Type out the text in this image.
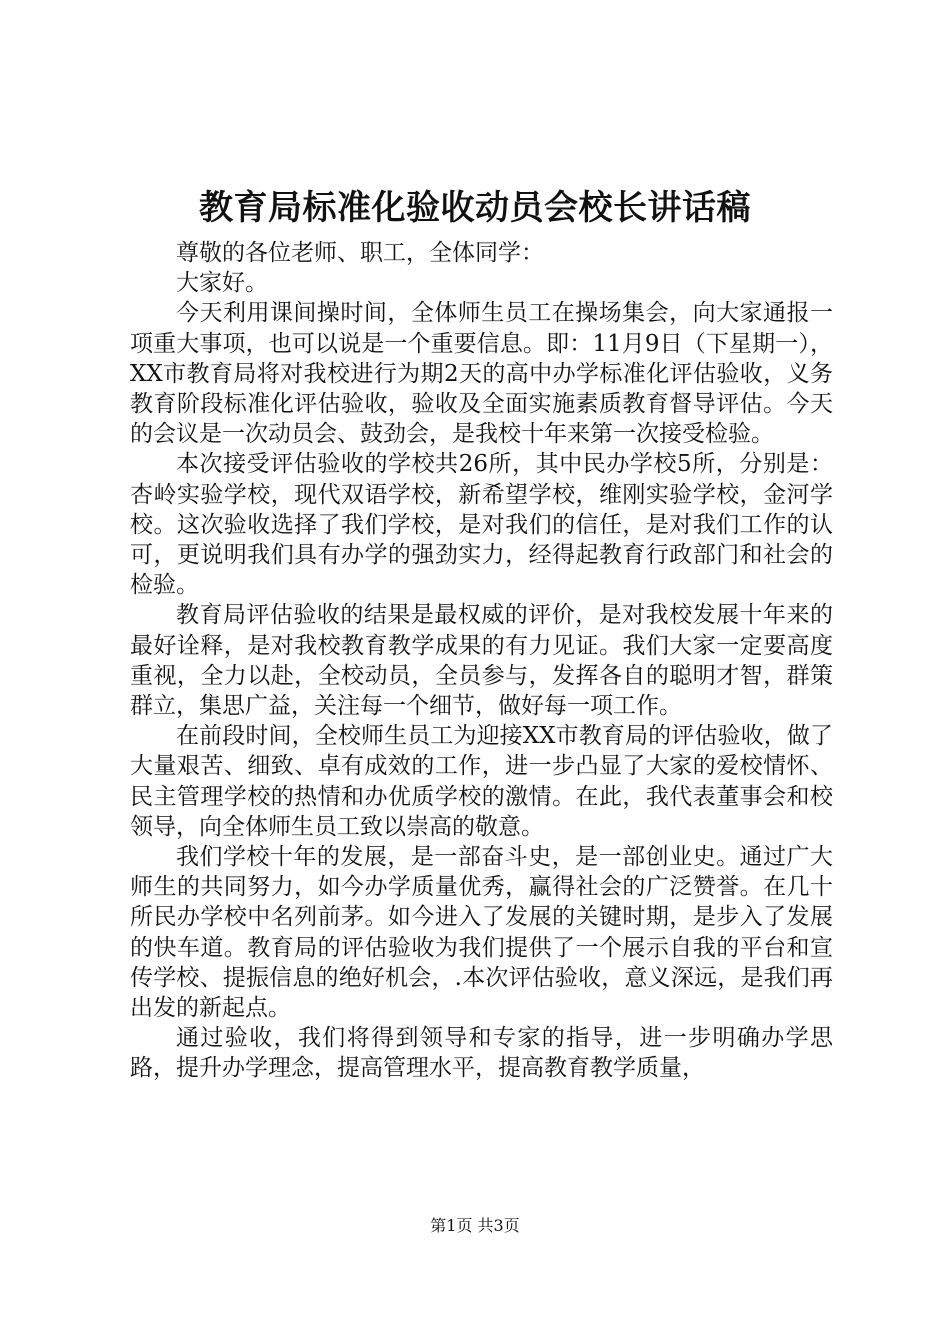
教育局标准化验收动员会校长讲话稿

尊敬的各位老师、职工，全体同学：

大家好。

今天利用课间操时间，全体师生员工在操场集会，向大家通报一项重大事项，也可以说是一个重要信息。即：11月9日（下星期一），XX市教育局将对我校进行为期2天的高中办学标准化评估验收，义务教育阶段标准化评估验收，验收及全面实施素质教育督导评估。今天的会议是一次动员会、鼓劲会，是我校十年来第一次接受检验。

本次接受评估验收的学校共26所，其中民办学校5所，分别是：杏岭实验学校，现代双语学校，新希望学校，维刚实验学校，金河学校。这次验收选择了我们学校，是对我们的信任，是对我们工作的认可，更说明我们具有办学的强劲实力，经得起教育行政部门和社会的检验。

教育局评估验收的结果是最权威的评价，是对我校发展十年来的最好诠释，是对我校教育教学成果的有力见证。我们大家一定要高度重视，全力以赴，全校动员，全员参与，发挥各自的聪明才智，群策群立，集思广益，关注每一个细节，做好每一项工作。

在前段时间，全校师生员工为迎接XX市教育局的评估验收，做了大量艰苦、细致、卓有成效的工作，进一步凸显了大家的爱校情怀、民主管理学校的热情和办优质学校的激情。在此，我代表董事会和校领导，向全体师生员工致以崇高的敬意。

我们学校十年的发展，是一部奋斗史，是一部创业史。通过广大师生的共同努力，如今办学质量优秀，赢得社会的广泛赞誉。在几十所民办学校中名列前茅。如今进入了发展的关键时期，是步入了发展的快车道。教育局的评估验收为我们提供了一个展示自我的平台和宣传学校、提振信息的绝好机会，.本次评估验收，意义深远，是我们再出发的新起点。

通过验收，我们将得到领导和专家的指导，进一步明确办学思路，提升办学理念，提高管理水平，提高教育教学质量，

第1页 共3页
